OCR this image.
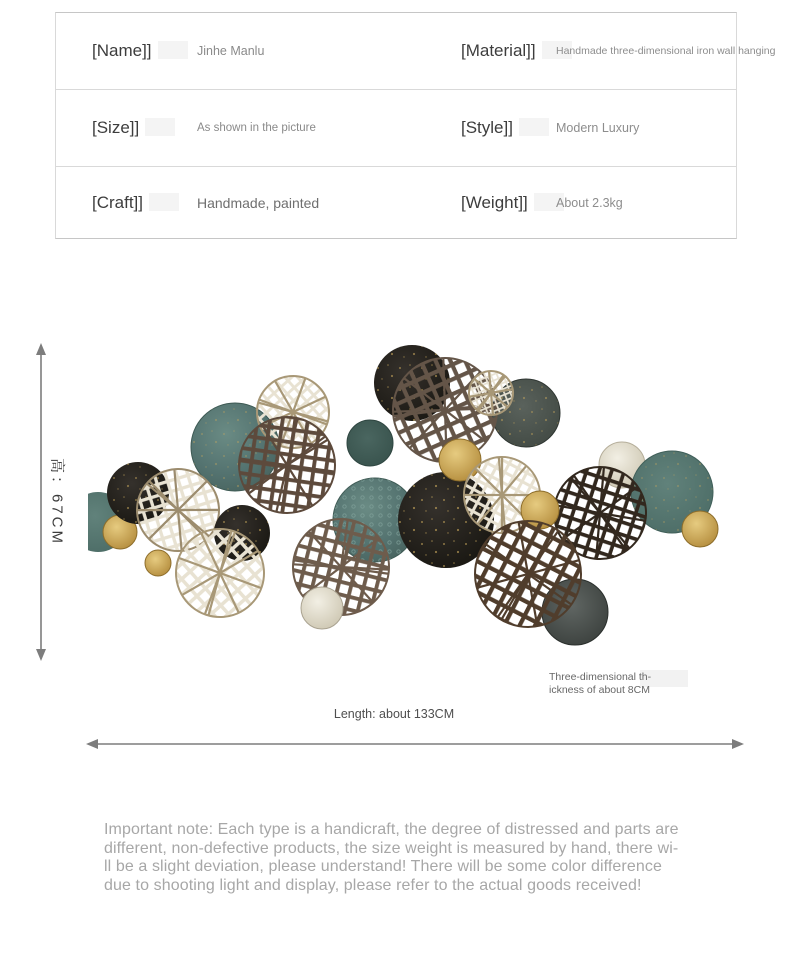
[Name]]	Jinhe Manlu	[Material]]	Handmade three-dimensional iron wall hanging
[Size]]	As shown in the picture	[Style]]	Modern Luxury
[Craft]]	Handmade, painted	[Weight]]	About 2.3kg
高：67CM
Three-dimensional th-
ickness of about 8CM
Length: about 133CM
Important note: Each type is a handicraft, the degree of distressed and parts are
different, non-defective products, the size weight is measured by hand, there wi-
ll be a slight deviation, please understand! There will be some color difference
due to shooting light and display, please refer to the actual goods received!
